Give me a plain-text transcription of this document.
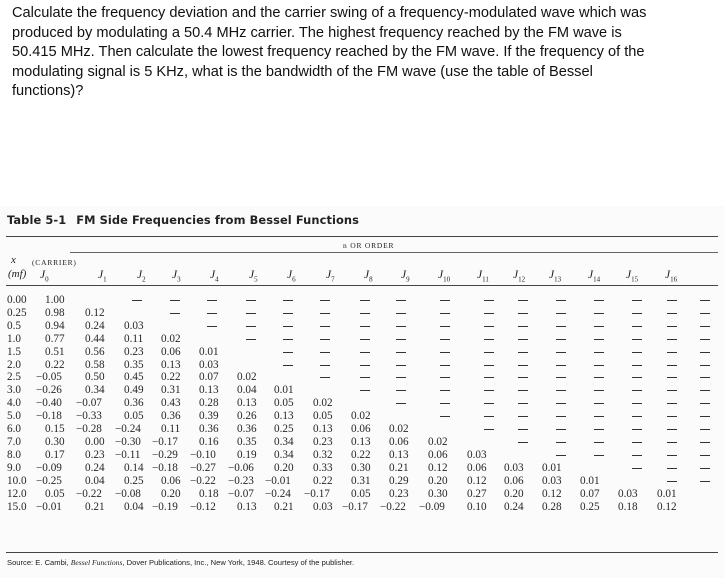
Calculate the frequency deviation and the carrier swing of a frequency-modulated wave which was produced by modulating a 50.4 MHz carrier. The highest frequency reached by the FM wave is 50.415 MHz. Then calculate the lowest frequency reached by the FM wave. If the frequency of the modulating signal is 5 KHz, what is the bandwidth of the FM wave (use the table of Bessel functions)?
Table 5-1 FM Side Frequencies from Bessel Functions
n OR ORDER
x (CARRIER)
(mf) $J_0$	$J_1$	$J_2$ $J_3$	$J_4$	$J_5$	$J_6$	$J_7$	$J_8$ $J_9$ $J_{10}$ $J_{11}$ $J_{12}$ $J_{13}$ $J_{14}$ $J_{15}$ $J_{16}$
0.00 1.00
0.25 0.98 0.12
0.5 0.94 0.24 0.03
1.0 0.77 0.44 0.11 0.02
1.5 0.51 0.56 0.23 0.06 0.01
2.0 0.22 0.58 0.35 0.13 0.03
2.5 −0.05 0.50 0.45 0.22 0.07 0.02
3.0 −0.26 0.34 0.49 0.31 0.13 0.04 0.01
4.0 −0.40 −0.07 0.36 0.43 0.28 0.13 0.05 0.02
5.0 −0.18 −0.33 0.05 0.36 0.39 0.26 0.13 0.05 0.02
6.0 0.15 −0.28 −0.24 0.11 0.36 0.36 0.25 0.13 0.06 0.02
7.0 0.30 0.00 −0.30 −0.17 0.16 0.35 0.34 0.23 0.13 0.06 0.02
8.0 0.17 0.23 −0.11 −0.29 −0.10 0.19 0.34 0.32 0.22 0.13 0.06 0.03
9.0 −0.09 0.24 0.14 −0.18 −0.27 −0.06 0.20 0.33 0.30 0.21 0.12 0.06 0.03 0.01
10.0 −0.25 0.04 0.25 0.06 −0.22 −0.23 −0.01 0.22 0.31 0.29 0.20 0.12 0.06 0.03 0.01
12.0 0.05 −0.22 −0.08 0.20 0.18 −0.07 −0.24 −0.17 0.05 0.23 0.30 0.27 0.20 0.12 0.07 0.03 0.01
15.0 −0.01 0.21 0.04 −0.19 −0.12 0.13 0.21 0.03 −0.17 −0.22 −0.09 0.10 0.24 0.28 0.25 0.18 0.12
Source: E. Cambi, Bessel Functions, Dover Publications, Inc., New York, 1948. Courtesy of the publisher.
